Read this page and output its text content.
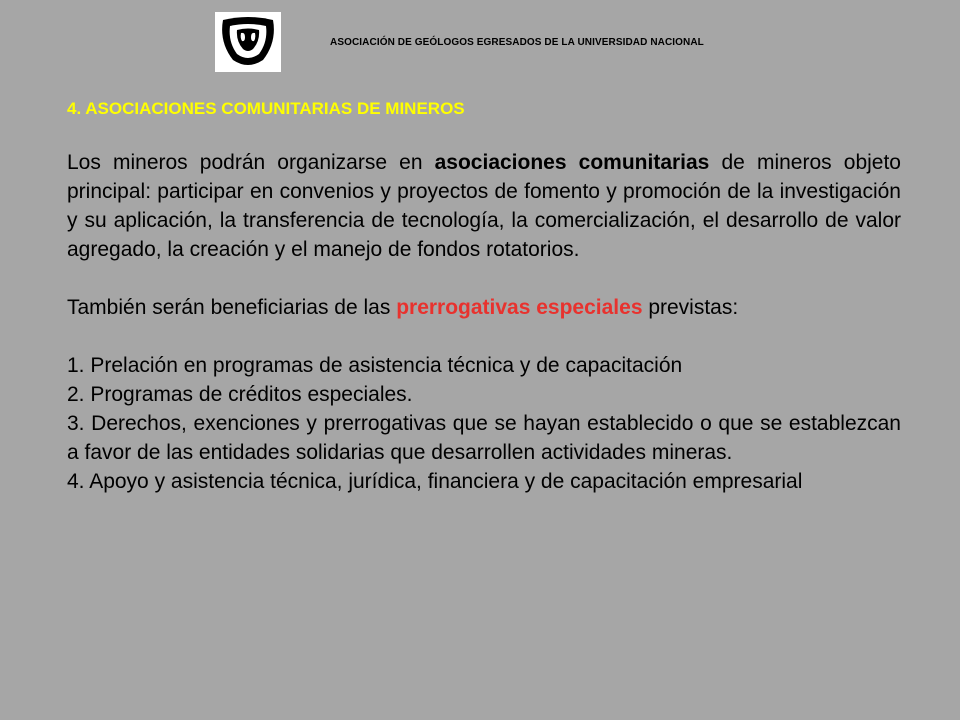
ASOCIACIÓN DE GEÓLOGOS EGRESADOS DE LA UNIVERSIDAD NACIONAL
4. ASOCIACIONES COMUNITARIAS DE MINEROS

Los mineros podrán organizarse en asociaciones comunitarias de mineros objeto principal: participar en convenios y proyectos de fomento y promoción de la investigación y su aplicación, la transferencia de tecnología, la comercialización, el desarrollo de valor agregado, la creación y el manejo de fondos rotatorios.

También serán beneficiarias de las prerrogativas especiales previstas:

1. Prelación en programas de asistencia técnica y de capacitación

2. Programas de créditos especiales.

3. Derechos, exenciones y prerrogativas que se hayan establecido o que se establezcan a favor de las entidades solidarias que desarrollen actividades mineras.

4. Apoyo y asistencia técnica, jurídica, financiera y de capacitación empresarial
